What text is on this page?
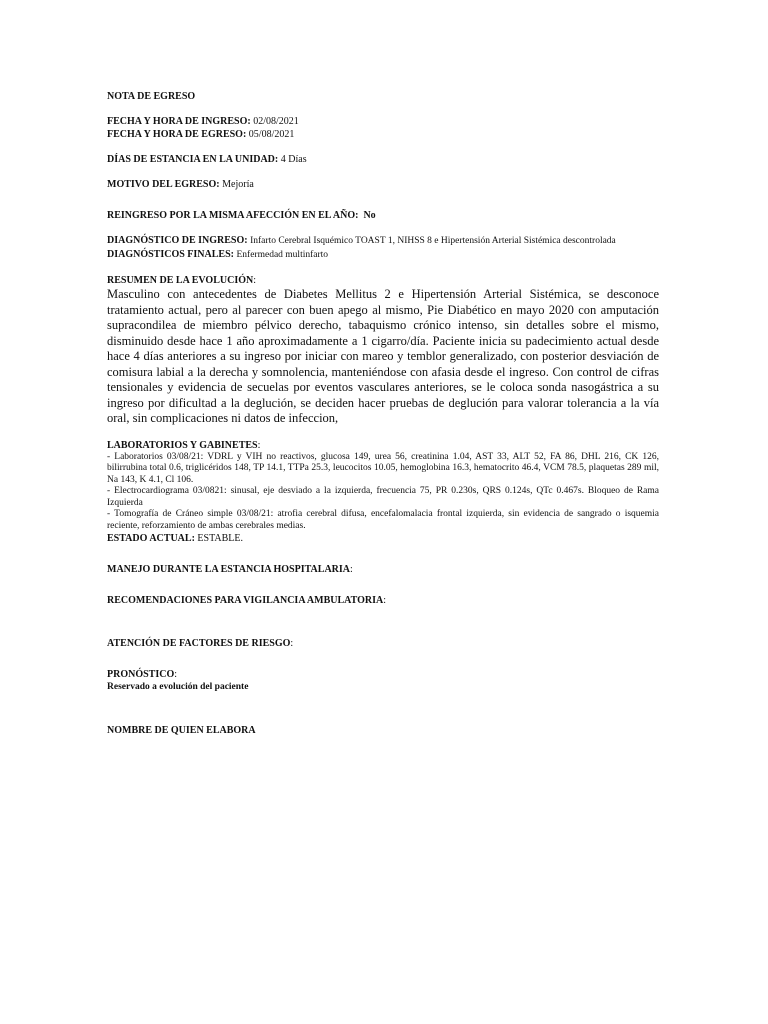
NOTA DE EGRESO
FECHA Y HORA DE INGRESO: 02/08/2021
FECHA Y HORA DE EGRESO: 05/08/2021
DÍAS DE ESTANCIA EN LA UNIDAD: 4 Días
MOTIVO DEL EGRESO: Mejoría
REINGRESO POR LA MISMA AFECCIÓN EN EL AÑO: No
DIAGNÓSTICO DE INGRESO: Infarto Cerebral Isquémico TOAST 1, NIHSS 8 e Hipertensión Arterial Sistémica descontrolada
DIAGNÓSTICOS FINALES: Enfermedad multinfarto
RESUMEN DE LA EVOLUCIÓN:

Masculino con antecedentes de Diabetes Mellitus 2 e Hipertensión Arterial Sistémica, se desconoce tratamiento actual, pero al parecer con buen apego al mismo, Pie Diabético en mayo 2020 con amputación supracondilea de miembro pélvico derecho, tabaquismo crónico intenso, sin detalles sobre el mismo, disminuido desde hace 1 año aproximadamente a 1 cigarro/día. Paciente inicia su padecimiento actual desde hace 4 días anteriores a su ingreso por iniciar con mareo y temblor generalizado, con posterior desviación de comisura labial a la derecha y somnolencia, manteniéndose con afasia desde el ingreso. Con control de cifras tensionales y evidencia de secuelas por eventos vasculares anteriores, se le coloca sonda nasogástrica a su ingreso por dificultad a la deglución, se deciden hacer pruebas de deglución para valorar tolerancia a la vía oral, sin complicaciones ni datos de infeccion,

LABORATORIOS Y GABINETES:

- Laboratorios 03/08/21: VDRL y VIH no reactivos, glucosa 149, urea 56, creatinina 1.04, AST 33, ALT 52, FA 86, DHL 216, CK 126, bilirrubina total 0.6, triglicéridos 148, TP 14.1, TTPa 25.3, leucocitos 10.05, hemoglobina 16.3, hematocrito 46.4, VCM 78.5, plaquetas 289 mil, Na 143, K 4.1, Cl 106.

- Electrocardiograma 03/0821: sinusal, eje desviado a la izquierda, frecuencia 75, PR 0.230s, QRS 0.124s, QTc 0.467s. Bloqueo de Rama Izquierda

- Tomografía de Cráneo simple 03/08/21: atrofia cerebral difusa, encefalomalacia frontal izquierda, sin evidencia de sangrado o isquemia reciente, reforzamiento de ambas cerebrales medias.

ESTADO ACTUAL: ESTABLE.
MANEJO DURANTE LA ESTANCIA HOSPITALARIA:
RECOMENDACIONES PARA VIGILANCIA AMBULATORIA:
ATENCIÓN DE FACTORES DE RIESGO:
PRONÓSTICO:
Reservado a evolución del paciente
NOMBRE DE QUIEN ELABORA
